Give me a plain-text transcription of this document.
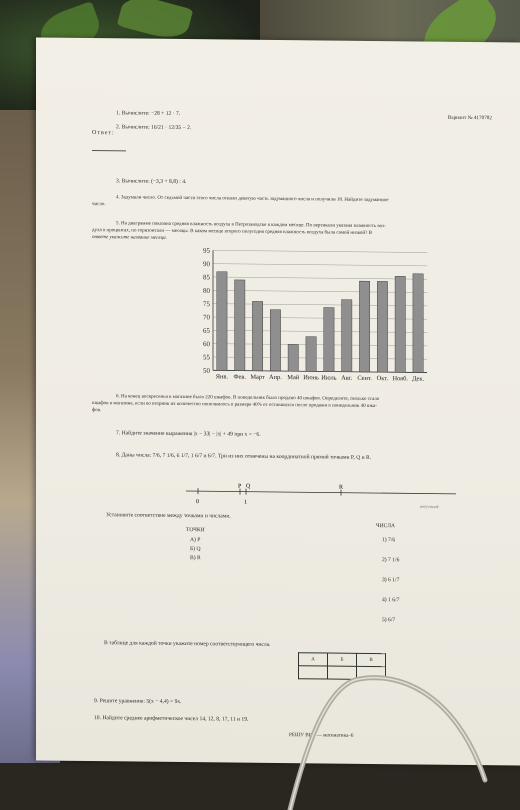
Вариант № 4170782
1. Вычислите: −28 + 12 · 7.
2. Вычислите: 16/21 · 12/35 − 2.
Ответ:
3. Вычислите: (−3,3 + 8,8) : 4.
4. Задумали число. От седьмой части этого числа отняли девятую часть задуманного числа и получили 18. Найдите задуманное
число.
5. На диаграмме показана средняя влажность воздуха в Петрозаводске в каждом месяце. По вертикали указана влажность воз-
духа в процентах, по горизонтали — месяцы. В каком месяце второго полугодия средняя влажность воздуха была самой низкой? В
ответе укажите название месяца.
50
55
60
65
70
75
80
85
90
95
Янв. Фев. Март Апр. Май Июнь Июль Авг. Сент. Окт. Нояб. Дек.
6. На конец воскресенья в магазине было 220 шкафов. В понедельник было продано 40 шкафов. Определите, сколько стало
шкафов в магазине, если во вторник их количество пополнилось в размере 40% от оставшихся после продажи в понедельник 40 шка-
фов.
7. Найдите значение выражения |x − 33| − |x| + 49 при x = −6.
8. Даны числа: 7/6, 7 1/6, 6 1/7, 1 6/7 и 6/7. Три из них отмечены на координатной прямой точками P, Q и R.
P Q	R
0	1
решуупр.рф
Установите соответствие между точками и числами.
ТОЧКИ
ЧИСЛА
А) P
Б) Q
В) R
1) 7/6
2) 7 1/6
3) 6 1/7
4) 1 6/7
5) 6/7
В таблице для каждой точки укажите номер соответствующего числа.
А	Б	В

9. Решите уравнение: 5(x − 4,4) = 9x.
10. Найдите среднее арифметическое чисел 14, 12, 8, 17, 11 и 19.
РЕШУ ВПР — математика–6
